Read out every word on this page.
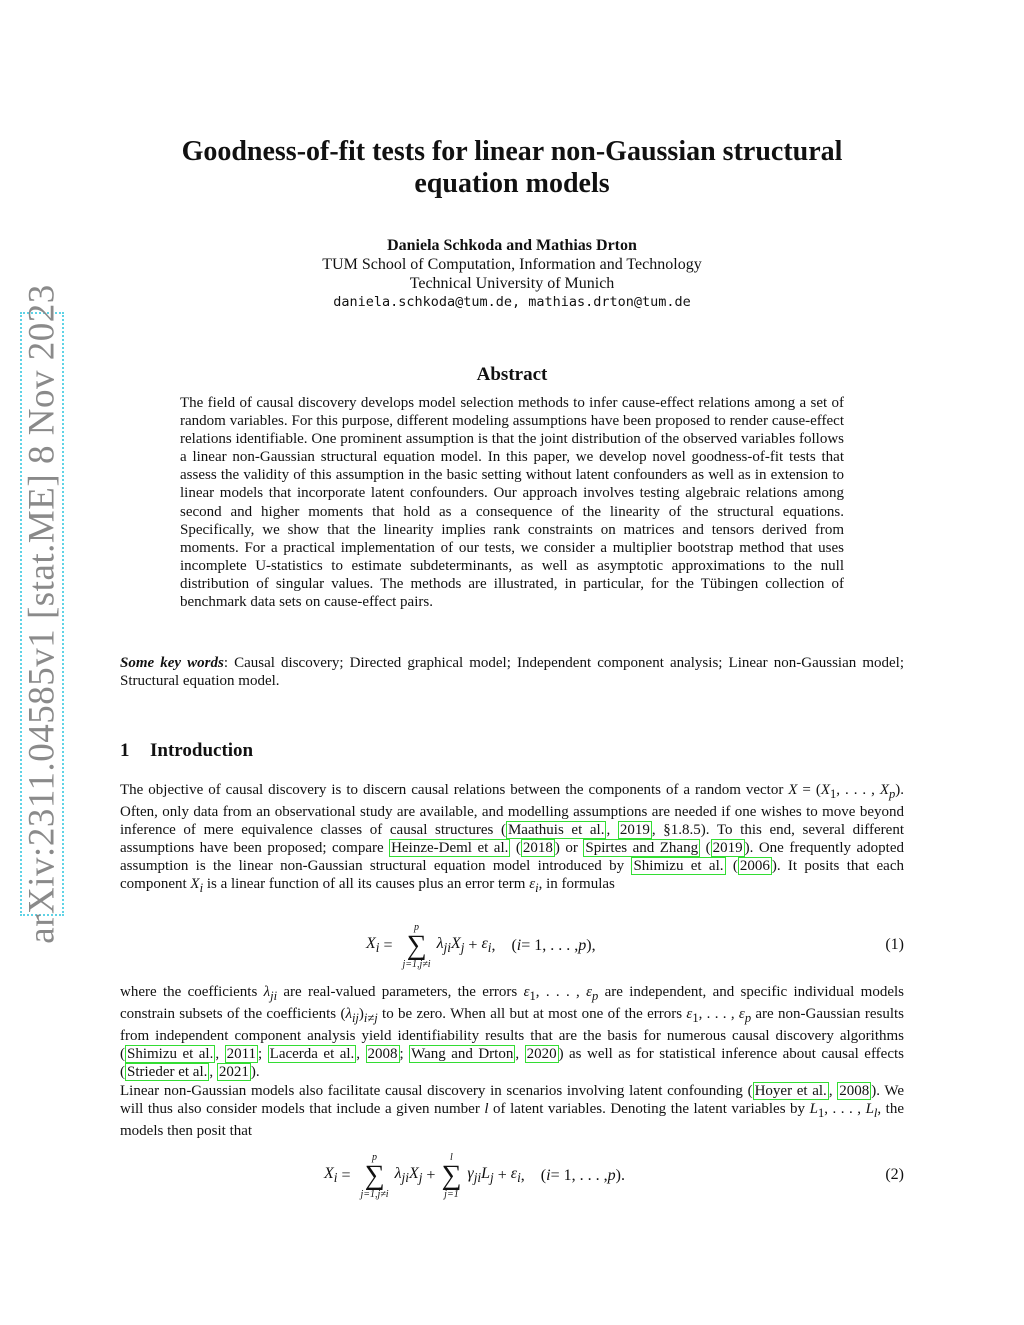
arXiv:2311.04585v1 [stat.ME] 8 Nov 2023
Goodness-of-fit tests for linear non-Gaussian structural
equation models
Daniela Schkoda and Mathias Drton
TUM School of Computation, Information and Technology
Technical University of Munich
daniela.schkoda@tum.de, mathias.drton@tum.de
Abstract
The field of causal discovery develops model selection methods to infer cause-effect relations among a set of random variables. For this purpose, different modeling assumptions have been proposed to render cause-effect relations identifiable. One prominent assumption is that the joint distribution of the observed variables follows a linear non-Gaussian structural equation model. In this paper, we develop novel goodness-of-fit tests that assess the validity of this assumption in the basic setting without latent confounders as well as in extension to linear models that incorporate latent confounders. Our approach involves testing algebraic relations among second and higher moments that hold as a consequence of the linearity of the structural equations. Specifically, we show that the linearity implies rank constraints on matrices and tensors derived from moments. For a practical implementation of our tests, we consider a multiplier bootstrap method that uses incomplete U-statistics to estimate subdeterminants, as well as asymptotic approximations to the null distribution of singular values. The methods are illustrated, in particular, for the Tübingen collection of benchmark data sets on cause-effect pairs.
Some key words: Causal discovery; Directed graphical model; Independent component analysis; Linear non-Gaussian model; Structural equation model.
1 Introduction
The objective of causal discovery is to discern causal relations between the components of a random vector $X = (X_1$, . . . , $X_p$). Often, only data from an observational study are available, and modelling assumptions are needed if one wishes to move beyond inference of mere equivalence classes of causal structures ( Maathuis et al. , 2019 , §1.8.5). To this end, several different assumptions have been proposed; compare Heinze-Deml et al. ( 2018 ) or Spirtes and Zhang ( 2019 ). One frequently adopted assumption is the linear non-Gaussian structural equation model introduced by Shimizu et al. ( 2006 ). It posits that each component $X_i$ is a linear function of all its causes plus an error term $\varepsilon_i$, in formulas
$X_i$ =
p
∑
j=1,j≠i
$\lambda_{ji}X_j + \varepsilon_i$ ,    ( i = 1, . . . , p ),	(1)
where the coefficients $\lambda_{ji}$ are real-valued parameters, the errors $\varepsilon_1$, . . . , $\varepsilon_p$ are independent, and specific individual models constrain subsets of the coefficients $(\lambda_{ij})_{i\ne j}$ to be zero. When all but at most one of the errors $\varepsilon_1$, . . . , $\varepsilon_p$ are non-Gaussian results from independent component analysis yield identifiability results that are the basis for numerous causal discovery algorithms ( Shimizu et al. , 2011 ; Lacerda et al. , 2008 ; Wang and Drton , 2020 ) as well as for statistical inference about causal effects ( Strieder et al. , 2021 ).
Linear non-Gaussian models also facilitate causal discovery in scenarios involving latent confounding ( Hoyer et al. , 2008 ). We will thus also consider models that include a given number l of latent variables. Denoting the latent variables by $L_1$, . . . , $L_l$, the models then posit that
$X_i$ =
p
∑
j=1,j≠i
$\lambda_{ji}X_j$ +
l
∑
j=1
$\gamma_{ji}L_j + \varepsilon_i$ ,    ( i = 1, . . . , p ).	(2)
